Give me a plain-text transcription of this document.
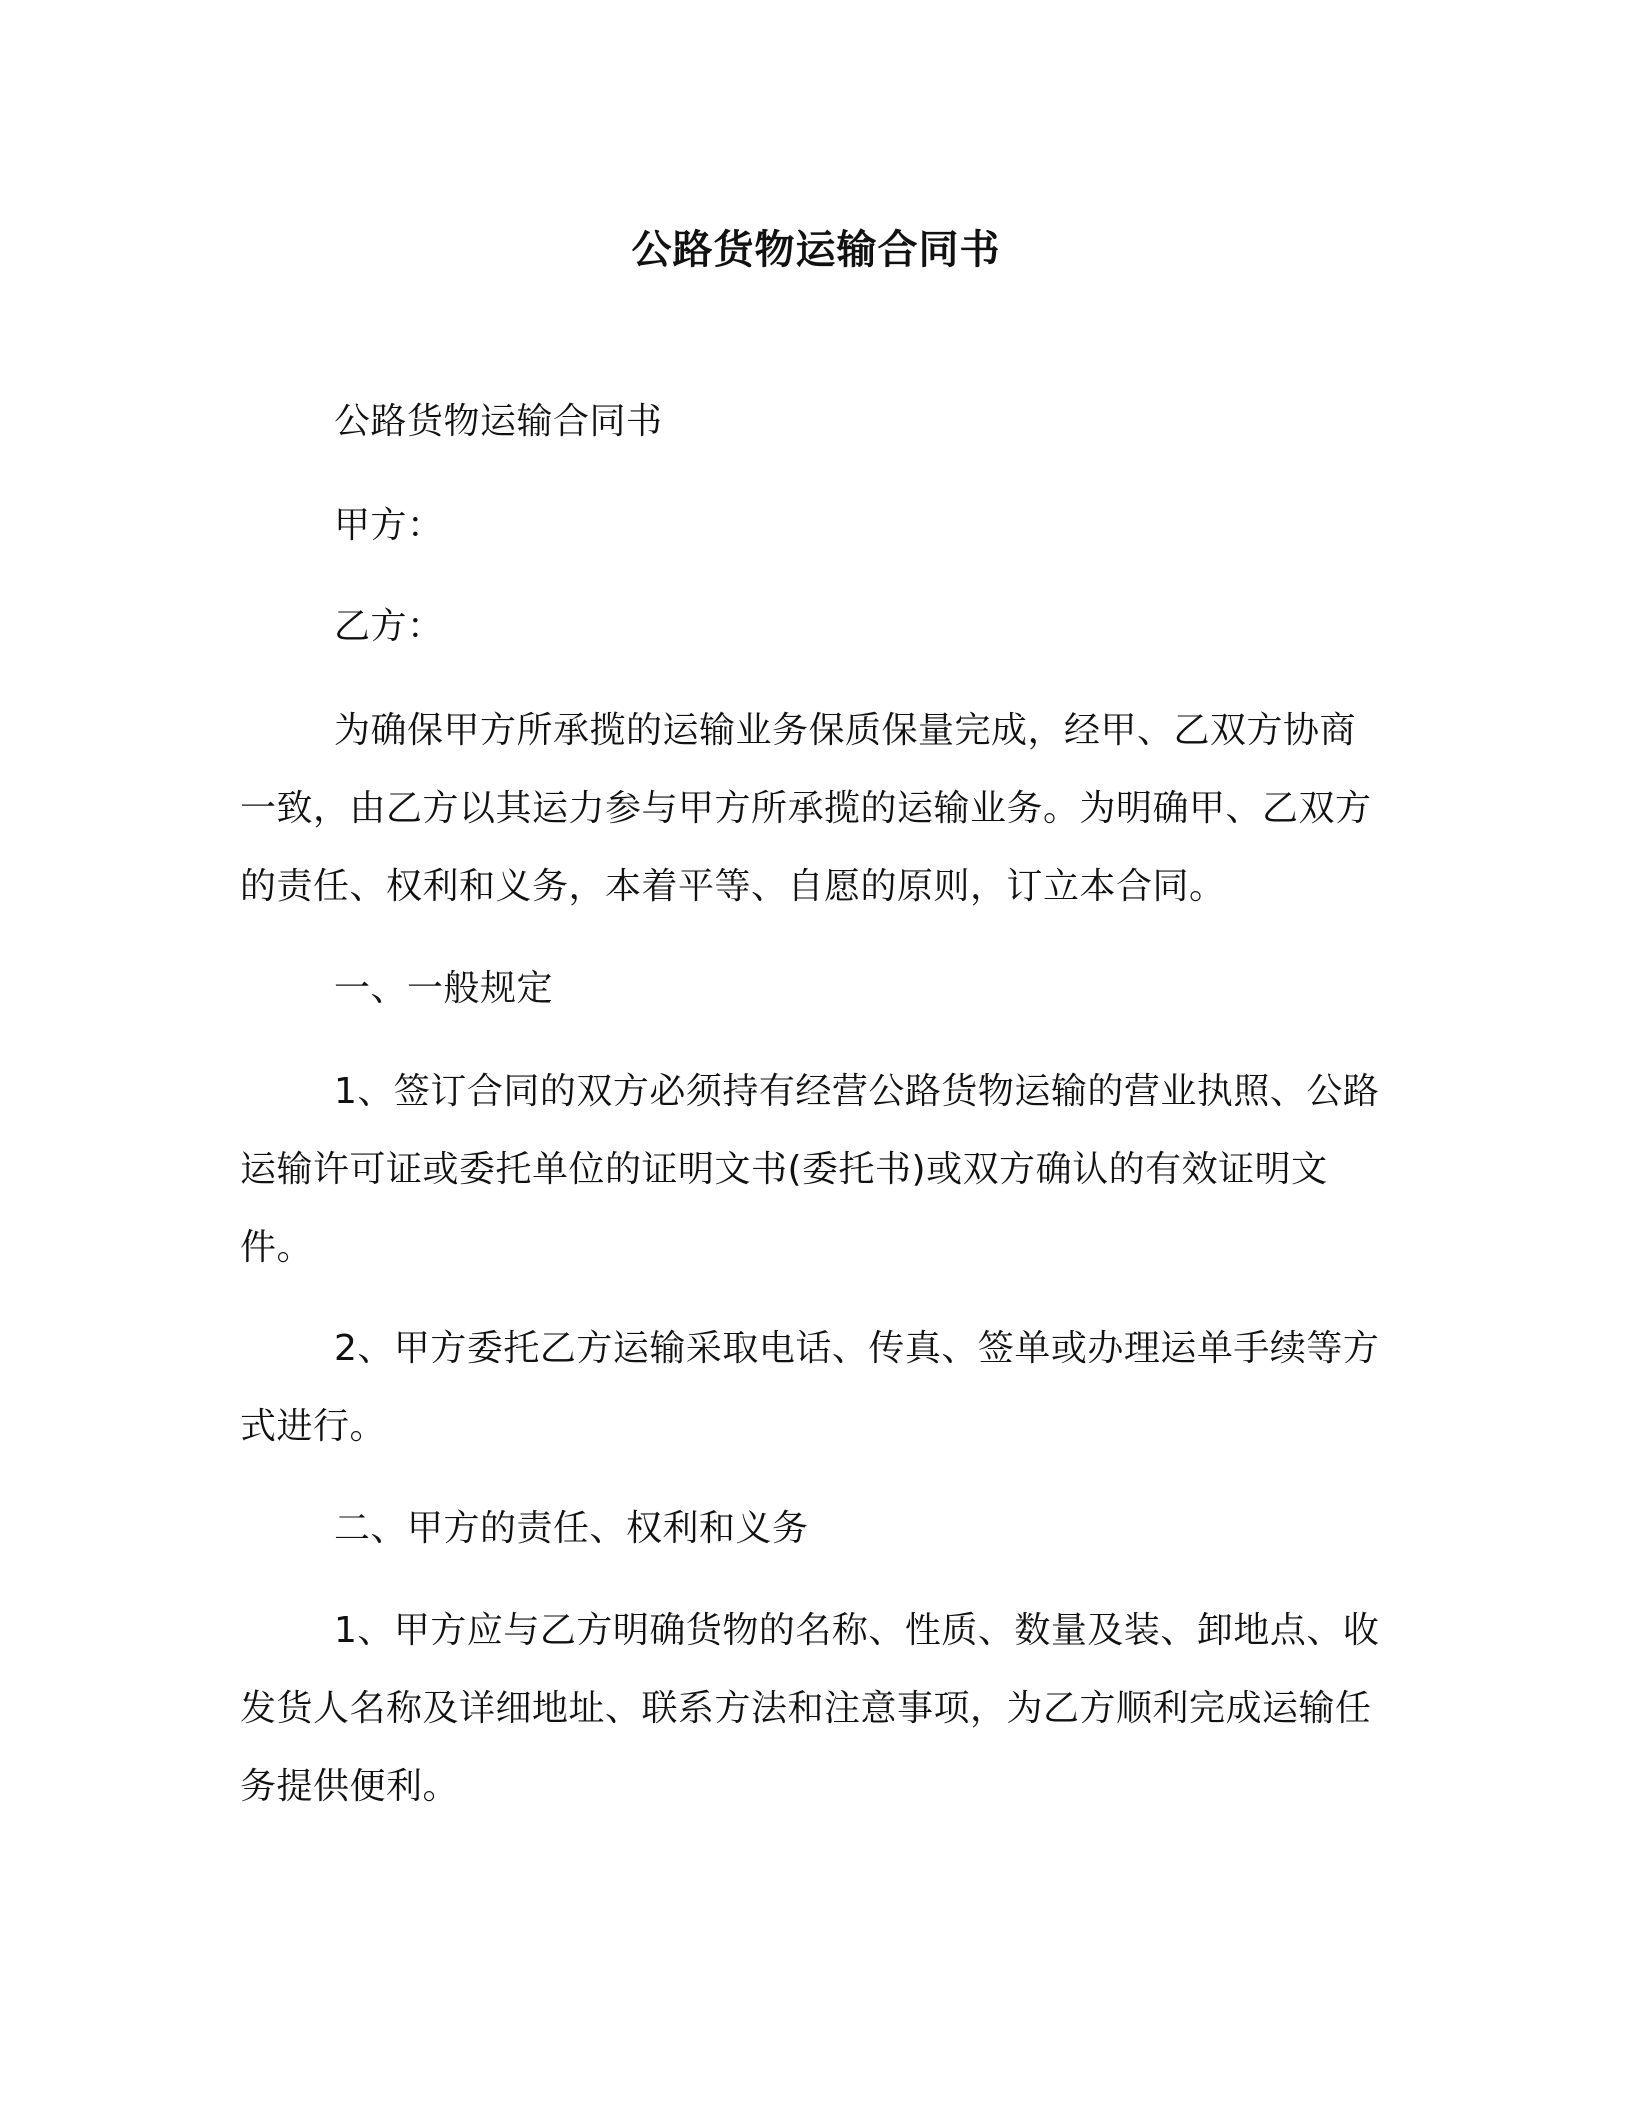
公路货物运输合同书

公路货物运输合同书

甲方：

乙方：

为确保甲方所承揽的运输业务保质保量完成，经甲、乙双方协商一致，由乙方以其运力参与甲方所承揽的运输业务。为明确甲、乙双方的责任、权利和义务，本着平等、自愿的原则，订立本合同。

一、一般规定

1、签订合同的双方必须持有经营公路货物运输的营业执照、公路运输许可证或委托单位的证明文书(委托书)或双方确认的有效证明文件。

2、甲方委托乙方运输采取电话、传真、签单或办理运单手续等方式进行。

二、甲方的责任、权利和义务

1、甲方应与乙方明确货物的名称、性质、数量及装、卸地点、收发货人名称及详细地址、联系方法和注意事项，为乙方顺利完成运输任务提供便利。
